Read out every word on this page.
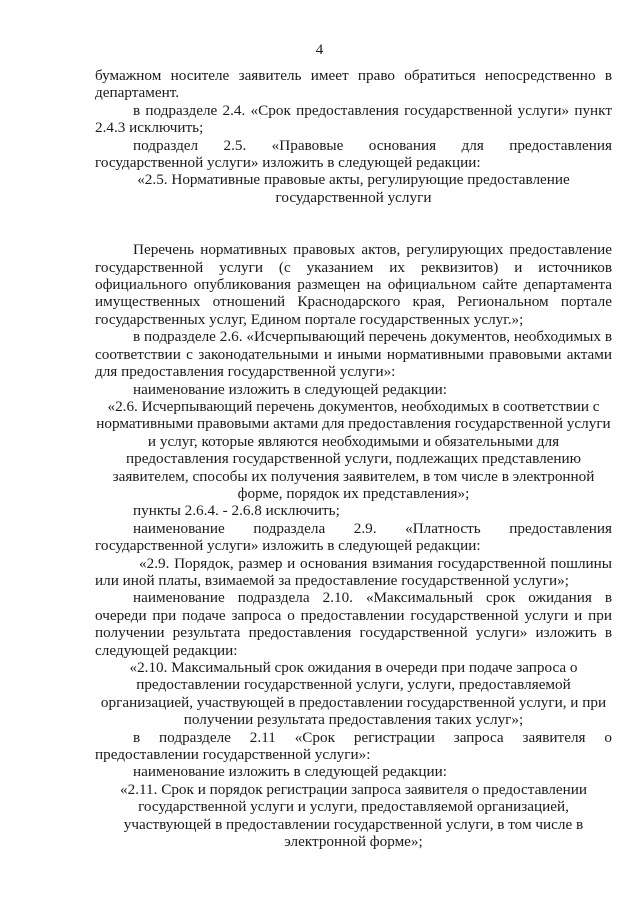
4

бумажном носителе заявитель имеет право обратиться непосредственно в департамент.

в подразделе 2.4. «Срок предоставления государственной услуги» пункт 2.4.3 исключить;

подраздел 2.5. «Правовые основания для предоставления государственной услуги» изложить в следующей редакции:

«2.5. Нормативные правовые акты, регулирующие предоставление государственной услуги

Перечень нормативных правовых актов, регулирующих предоставление государственной услуги (с указанием их реквизитов) и источников официального опубликования размещен на официальном сайте департамента имущественных отношений Краснодарского края, Региональном портале государственных услуг, Едином портале государственных услуг.»;

в подразделе 2.6. «Исчерпывающий перечень документов, необходимых в соответствии с законодательными и иными нормативными правовыми актами для предоставления государственной услуги»:

наименование изложить в следующей редакции:

«2.6. Исчерпывающий перечень документов, необходимых в соответствии с нормативными правовыми актами для предоставления государственной услуги и услуг, которые являются необходимыми и обязательными для предоставления государственной услуги, подлежащих представлению заявителем, способы их получения заявителем, в том числе в электронной форме, порядок их представления»;

пункты 2.6.4. - 2.6.8 исключить;

наименование подраздела 2.9. «Платность предоставления государственной услуги» изложить в следующей редакции:

«2.9. Порядок, размер и основания взимания государственной пошлины или иной платы, взимаемой за предоставление государственной услуги»;

наименование подраздела 2.10. «Максимальный срок ожидания в очереди при подаче запроса о предоставлении государственной услуги и при получении результата предоставления государственной услуги» изложить в следующей редакции:

«2.10. Максимальный срок ожидания в очереди при подаче запроса о предоставлении государственной услуги, услуги, предоставляемой организацией, участвующей в предоставлении государственной услуги, и при получении результата предоставления таких услуг»;

в подразделе 2.11 «Срок регистрации запроса заявителя о предоставлении государственной услуги»:

наименование изложить в следующей редакции:

«2.11. Срок и порядок регистрации запроса заявителя о предоставлении государственной услуги и услуги, предоставляемой организацией, участвующей в предоставлении государственной услуги, в том числе в электронной форме»;
